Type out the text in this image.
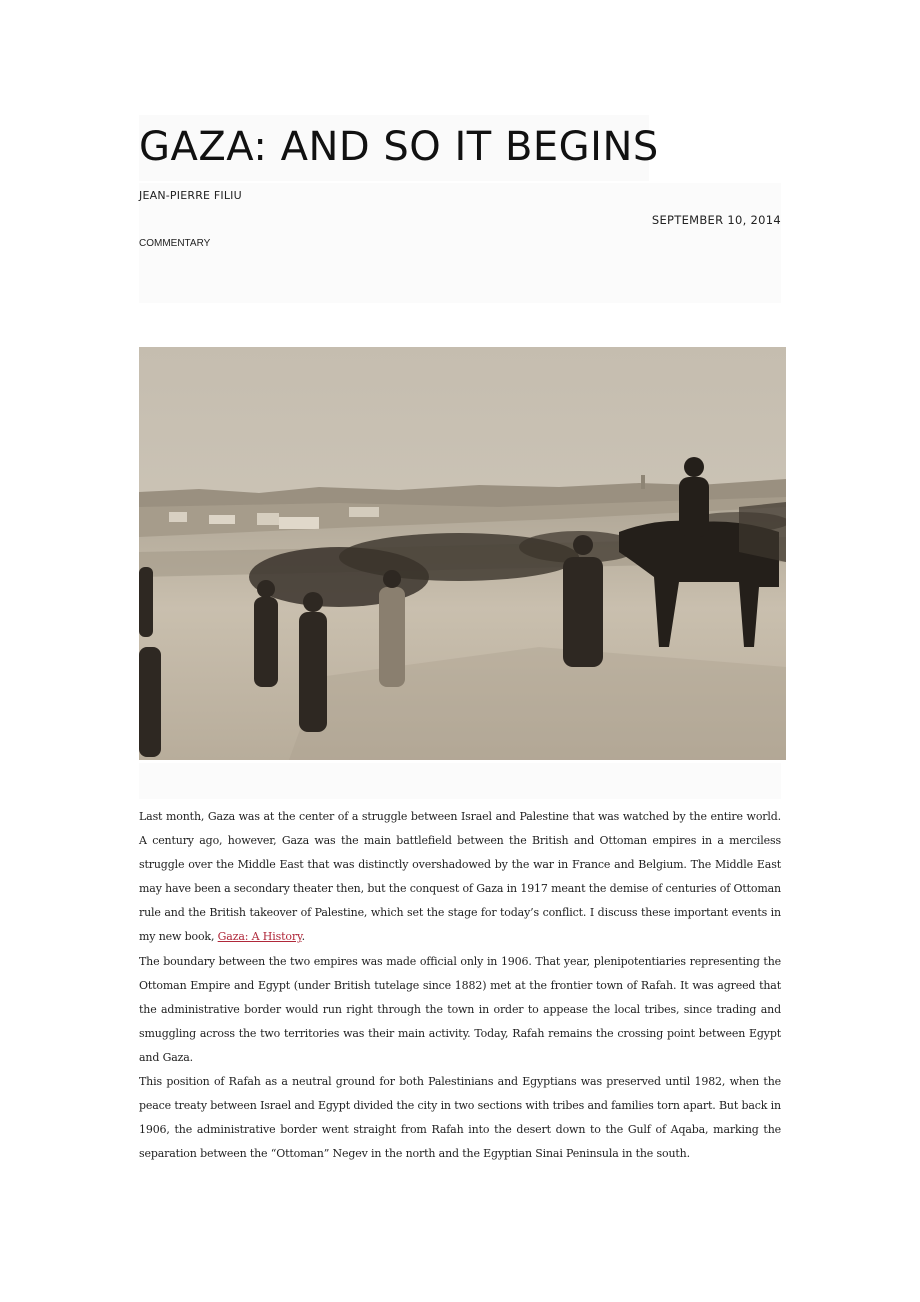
GAZA: AND SO IT BEGINS
JEAN-PIERRE FILIU
SEPTEMBER 10, 2014
COMMENTARY

Last month, Gaza was at the center of a struggle between Israel and Palestine that was watched by the entire world. A century ago, however, Gaza was the main battlefield between the British and Ottoman empires in a merciless struggle over the Middle East that was distinctly overshadowed by the war in France and Belgium. The Middle East may have been a secondary theater then, but the conquest of Gaza in 1917 meant the demise of centuries of Ottoman rule and the British takeover of Palestine, which set the stage for today’s conflict. I discuss these important events in my new book, Gaza: A History.

The boundary between the two empires was made official only in 1906. That year, plenipotentiaries representing the Ottoman Empire and Egypt (under British tutelage since 1882) met at the frontier town of Rafah. It was agreed that the administrative border would run right through the town in order to appease the local tribes, since trading and smuggling across the two territories was their main activity. Today, Rafah remains the crossing point between Egypt and Gaza.

This position of Rafah as a neutral ground for both Palestinians and Egyptians was preserved until 1982, when the peace treaty between Israel and Egypt divided the city in two sections with tribes and families torn apart. But back in 1906, the administrative border went straight from Rafah into the desert down to the Gulf of Aqaba, marking the separation between the “Ottoman” Negev in the north and the Egyptian Sinai Peninsula in the south.
